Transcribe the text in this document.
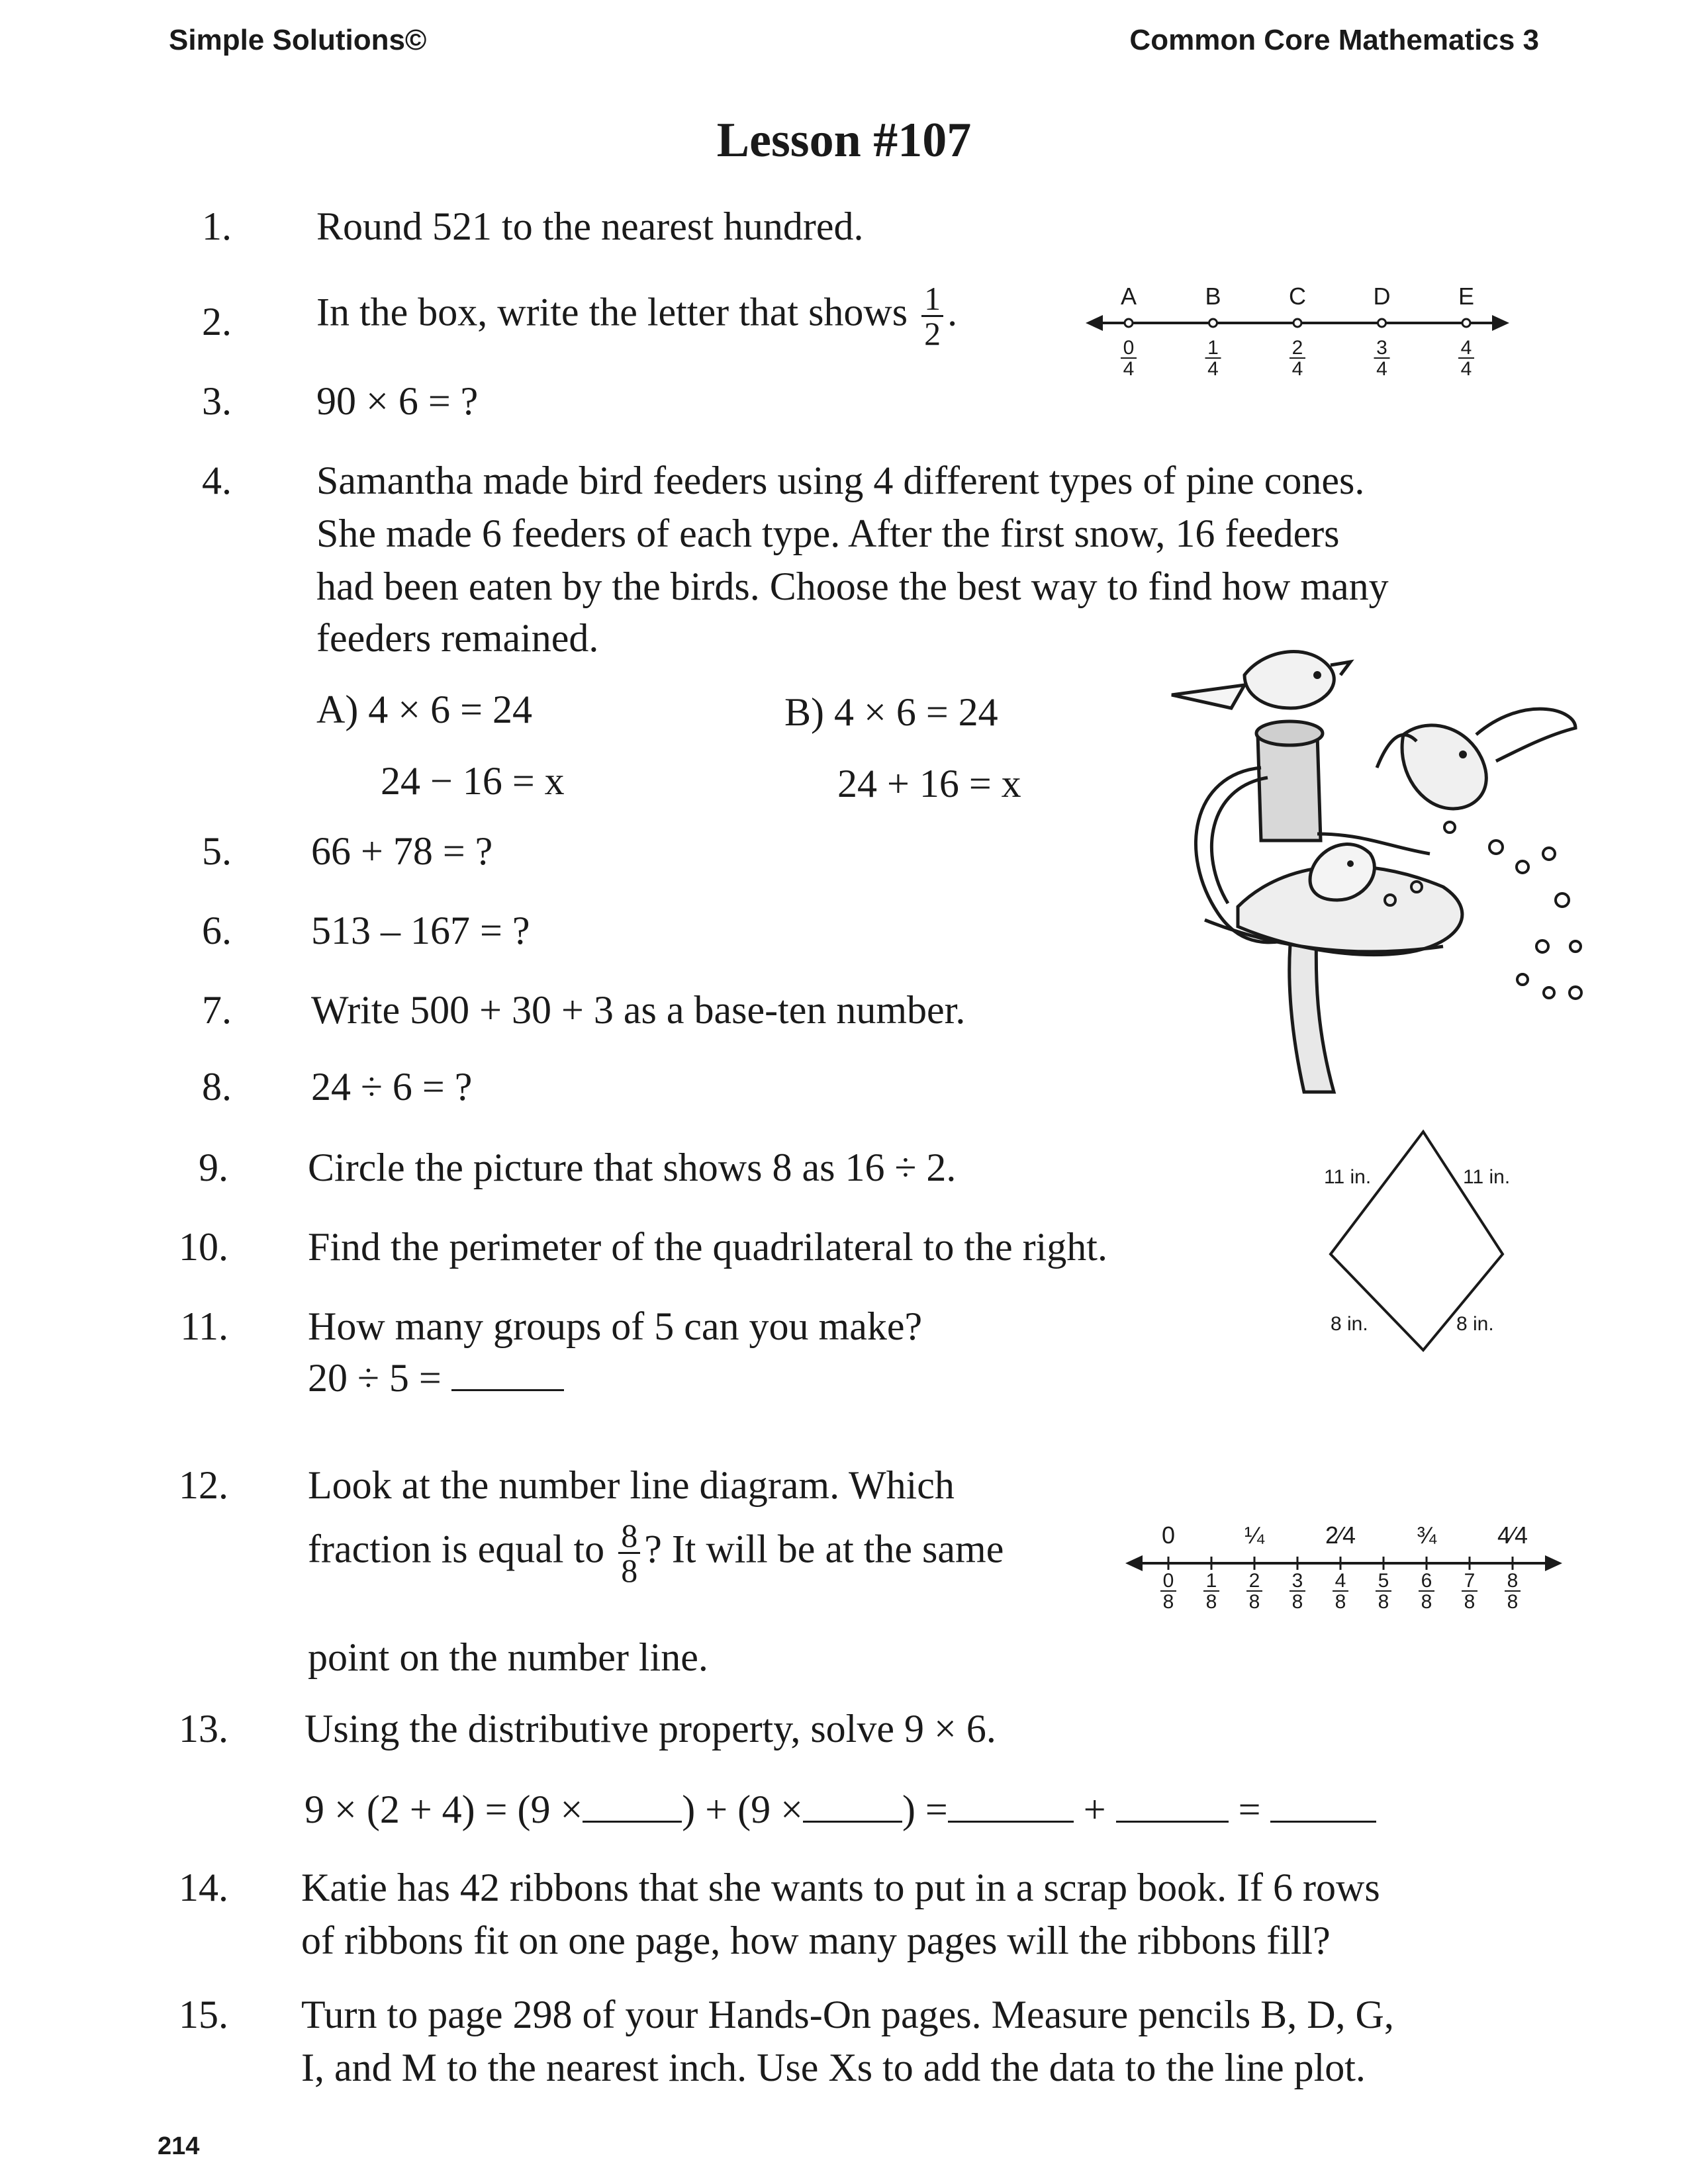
Simple Solutions©	Common Core Mathematics 3
Lesson #107
1. Round 521 to the nearest hundred.
2. In the box, write the letter that shows $\frac{1}{2}$ .	A
0
4
B
1
4
C
2
4
D
3
4
E
4
4
3. 90 × 6 = ?
4. Samantha made bird feeders using 4 different types of pine cones.
She made 6 feeders of each type. After the first snow, 16 feeders
had been eaten by the birds. Choose the best way to find how many
feeders remained.
A) 4 × 6 = 24
24 − 16 = x
B) 4 × 6 = 24
24 + 16 = x
5. 66 + 78 = ?
6. 513 – 167 = ?
7. Write 500 + 30 + 3 as a base-ten number.
8. 24 ÷ 6 = ?
9. Circle the picture that shows 8 as 16 ÷ 2.
10. Find the perimeter of the quadrilateral to the right.
11 in.	11 in.
8 in.	8 in.
11. How many groups of 5 can you make?
20 ÷ 5 =
12. Look at the number line diagram. Which
fraction is equal to $\frac{8}{8}$ ? It will be at the same
point on the number line.
0
8
1
8
2
8
3
8
4
8
5
8
6
8
7
8
8
8
0	¼	2⁄4	¾	4⁄4
13. Using the distributive property, solve 9 × 6.
9 × (2 + 4) = (9 ×	) + (9 ×	) =	+	=
14. Katie has 42 ribbons that she wants to put in a scrap book. If 6 rows
of ribbons fit on one page, how many pages will the ribbons fill?
15. Turn to page 298 of your Hands-On pages. Measure pencils B, D, G,
I, and M to the nearest inch. Use Xs to add the data to the line plot.
214
